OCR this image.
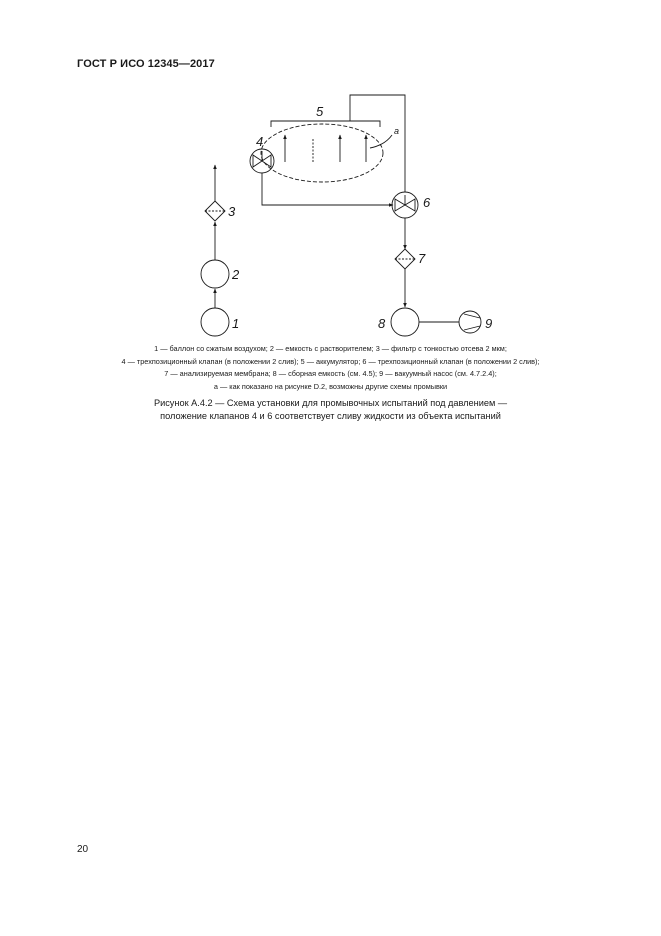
ГОСТ Р ИСО 12345—2017
1
2
3
4
5
6
7
8	9
a
1 — баллон со сжатым воздухом; 2 — емкость с растворителем; 3 — фильтр с тонкостью отсева 2 мкм;
4 — трехпозиционный клапан (в положении 2 слив); 5 — аккумулятор; 6 — трехпозиционный клапан (в положении 2 слив);
7 — анализируемая мембрана; 8 — сборная емкость (см. 4.5); 9 — вакуумный насос (см. 4.7.2.4);
a — как показано на рисунке D.2, возможны другие схемы промывки
Рисунок А.4.2 — Схема установки для промывочных испытаний под давлением —
положение клапанов 4 и 6 соответствует сливу жидкости из объекта испытаний
20
